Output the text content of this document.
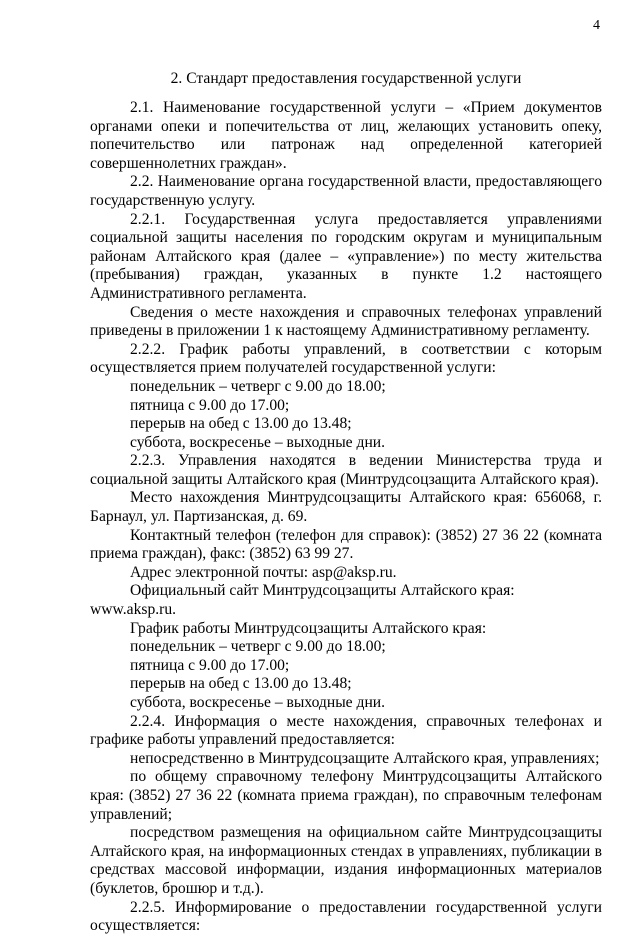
4
2. Стандарт предоставления государственной услуги

2.1. Наименование государственной услуги – «Прием документов органами опеки и попечительства от лиц, желающих установить опеку, попечительство или патронаж над определенной категорией совершеннолетних граждан».

2.2. Наименование органа государственной власти, предоставляющего государственную услугу.

2.2.1. Государственная услуга предоставляется управлениями социальной защиты населения по городским округам и муниципальным районам Алтайского края (далее – «управление») по месту жительства (пребывания) граждан, указанных в пункте 1.2 настоящего Административного регламента.

Сведения о месте нахождения и справочных телефонах управлений приведены в приложении 1 к настоящему Административному регламенту.

2.2.2. График работы управлений, в соответствии с которым осуществляется прием получателей государственной услуги:

понедельник – четверг с 9.00 до 18.00;

пятница с 9.00 до 17.00;

перерыв на обед с 13.00 до 13.48;

суббота, воскресенье – выходные дни.

2.2.3. Управления находятся в ведении Министерства труда и социальной защиты Алтайского края (Минтрудсоцзащита Алтайского края).

Место нахождения Минтрудсоцзащиты Алтайского края: 656068, г. Барнаул, ул. Партизанская, д. 69.

Контактный телефон (телефон для справок): (3852) 27 36 22 (комната приема граждан), факс: (3852) 63 99 27.

Адрес электронной почты: asp@aksp.ru.

Официальный сайт Минтрудсоцзащиты Алтайского края: www.aksp.ru.

График работы Минтрудсоцзащиты Алтайского края:

понедельник – четверг с 9.00 до 18.00;

пятница с 9.00 до 17.00;

перерыв на обед с 13.00 до 13.48;

суббота, воскресенье – выходные дни.

2.2.4. Информация о месте нахождения, справочных телефонах и графике работы управлений предоставляется:

непосредственно в Минтрудсоцзащите Алтайского края, управлениях;

по общему справочному телефону Минтрудсоцзащиты Алтайского края: (3852) 27 36 22 (комната приема граждан), по справочным телефонам управлений;

посредством размещения на официальном сайте Минтрудсоцзащиты Алтайского края, на информационных стендах в управлениях, публикации в средствах массовой информации, издания информационных материалов (буклетов, брошюр и т.д.).

2.2.5. Информирование о предоставлении государственной услуги осуществляется:
